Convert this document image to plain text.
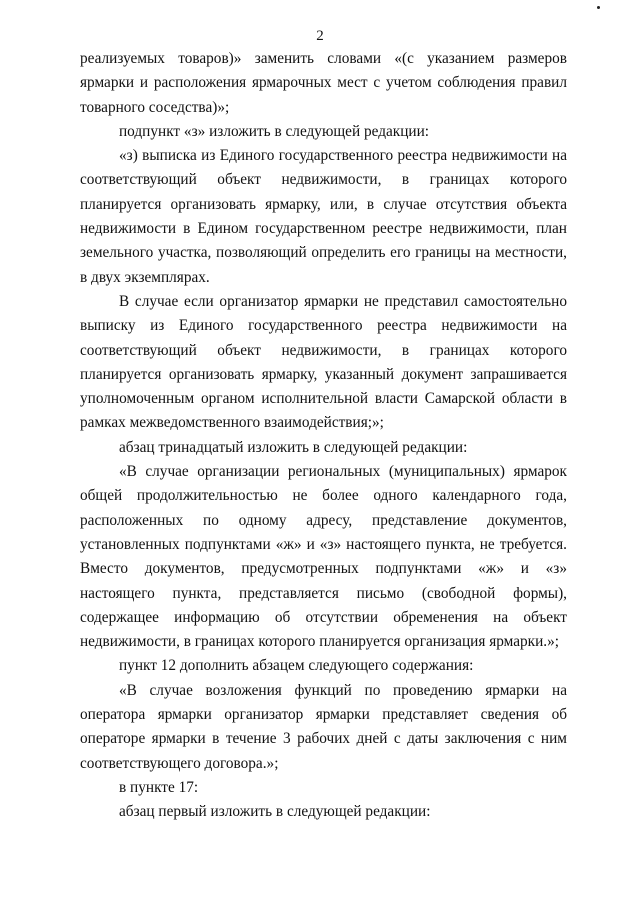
2

реализуемых товаров)» заменить словами «(с указанием размеров ярмарки и расположения ярмарочных мест с учетом соблюдения правил товарного соседства)»;

подпункт «з» изложить в следующей редакции:

«з) выписка из Единого государственного реестра недвижимости на соответствующий объект недвижимости, в границах которого планируется организовать ярмарку, или, в случае отсутствия объекта недвижимости в Едином государственном реестре недвижимости, план земельного участка, позволяющий определить его границы на местности, в двух экземплярах.

В случае если организатор ярмарки не представил самостоятельно выписку из Единого государственного реестра недвижимости на соответствующий объект недвижимости, в границах которого планируется организовать ярмарку, указанный документ запрашивается уполномоченным органом исполнительной власти Самарской области в рамках межведомственного взаимодействия;»;

абзац тринадцатый изложить в следующей редакции:

«В случае организации региональных (муниципальных) ярмарок общей продолжительностью не более одного календарного года, расположенных по одному адресу, представление документов, установленных подпунктами «ж» и «з» настоящего пункта, не требуется. Вместо документов, предусмотренных подпунктами «ж» и «з» настоящего пункта, представляется письмо (свободной формы), содержащее информацию об отсутствии обременения на объект недвижимости, в границах которого планируется организация ярмарки.»;

пункт 12 дополнить абзацем следующего содержания:

«В случае возложения функций по проведению ярмарки на оператора ярмарки организатор ярмарки представляет сведения об операторе ярмарки в течение 3 рабочих дней с даты заключения с ним соответствующего договора.»;

в пункте 17:

абзац первый изложить в следующей редакции:
